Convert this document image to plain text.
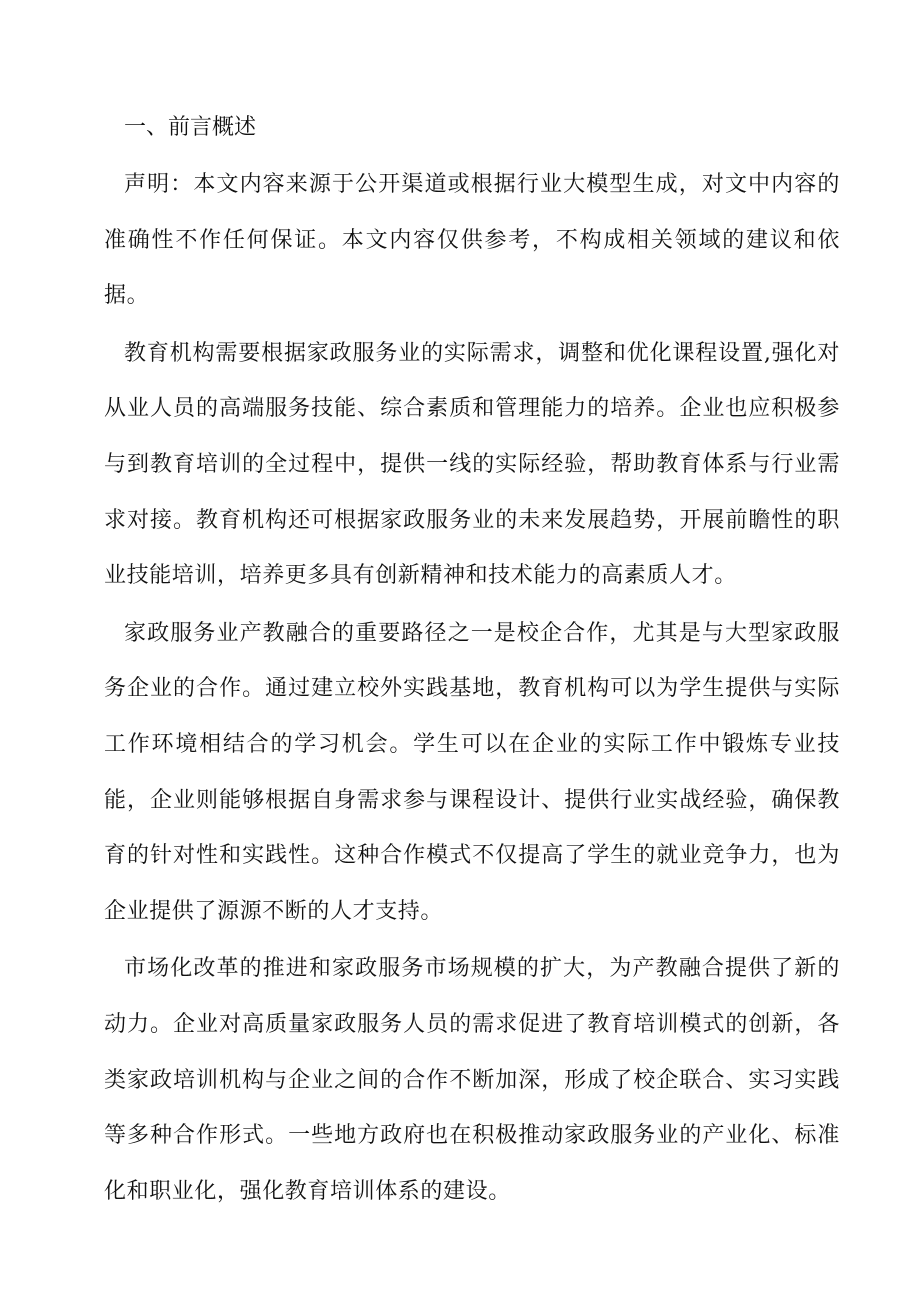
一、前言概述

声明：本文内容来源于公开渠道或根据行业大模型生成，对文中内容的准确性不作任何保证。本文内容仅供参考，不构成相关领域的建议和依据。

教育机构需要根据家政服务业的实际需求，调整和优化课程设置,强化对从业人员的高端服务技能、综合素质和管理能力的培养。企业也应积极参与到教育培训的全过程中，提供一线的实际经验，帮助教育体系与行业需求对接。教育机构还可根据家政服务业的未来发展趋势，开展前瞻性的职业技能培训，培养更多具有创新精神和技术能力的高素质人才。

家政服务业产教融合的重要路径之一是校企合作，尤其是与大型家政服务企业的合作。通过建立校外实践基地，教育机构可以为学生提供与实际工作环境相结合的学习机会。学生可以在企业的实际工作中锻炼专业技能，企业则能够根据自身需求参与课程设计、提供行业实战经验，确保教育的针对性和实践性。这种合作模式不仅提高了学生的就业竞争力，也为企业提供了源源不断的人才支持。

市场化改革的推进和家政服务市场规模的扩大，为产教融合提供了新的动力。企业对高质量家政服务人员的需求促进了教育培训模式的创新，各类家政培训机构与企业之间的合作不断加深，形成了校企联合、实习实践等多种合作形式。一些地方政府也在积极推动家政服务业的产业化、标准化和职业化，强化教育培训体系的建设。
